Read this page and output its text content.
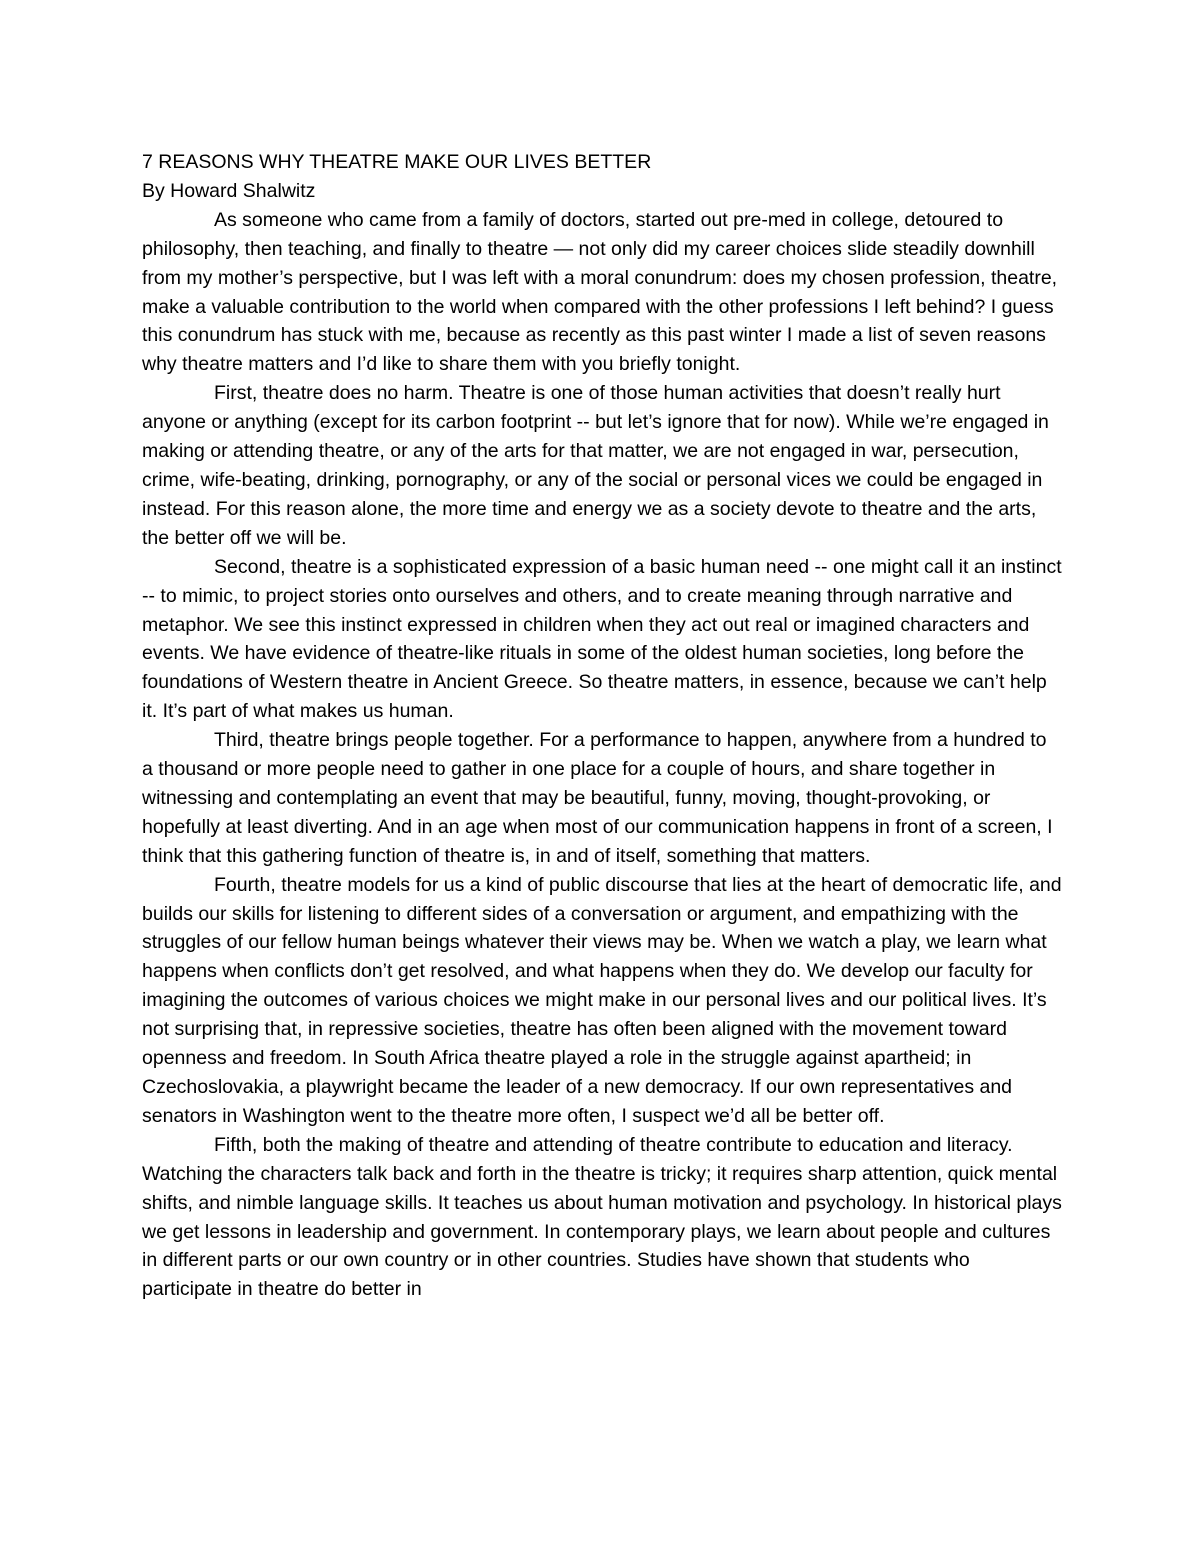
7 REASONS WHY THEATRE MAKE OUR LIVES BETTER

By Howard Shalwitz

As someone who came from a family of doctors, started out pre-med in college, detoured to philosophy, then teaching, and finally to theatre — not only did my career choices slide steadily downhill from my mother’s perspective, but I was left with a moral conundrum: does my chosen profession, theatre, make a valuable contribution to the world when compared with the other professions I left behind? I guess this conundrum has stuck with me, because as recently as this past winter I made a list of seven reasons why theatre matters and I’d like to share them with you briefly tonight.

First, theatre does no harm. Theatre is one of those human activities that doesn’t really hurt anyone or anything (except for its carbon footprint -- but let’s ignore that for now). While we’re engaged in making or attending theatre, or any of the arts for that matter, we are not engaged in war, persecution, crime, wife-beating, drinking, pornography, or any of the social or personal vices we could be engaged in instead. For this reason alone, the more time and energy we as a society devote to theatre and the arts, the better off we will be.

Second, theatre is a sophisticated expression of a basic human need -- one might call it an instinct -- to mimic, to project stories onto ourselves and others, and to create meaning through narrative and metaphor. We see this instinct expressed in children when they act out real or imagined characters and events. We have evidence of theatre-like rituals in some of the oldest human societies, long before the foundations of Western theatre in Ancient Greece. So theatre matters, in essence, because we can’t help it. It’s part of what makes us human.

Third, theatre brings people together. For a performance to happen, anywhere from a hundred to a thousand or more people need to gather in one place for a couple of hours, and share together in witnessing and contemplating an event that may be beautiful, funny, moving, thought-provoking, or hopefully at least diverting. And in an age when most of our communication happens in front of a screen, I think that this gathering function of theatre is, in and of itself, something that matters.

Fourth, theatre models for us a kind of public discourse that lies at the heart of democratic life, and builds our skills for listening to different sides of a conversation or argument, and empathizing with the struggles of our fellow human beings whatever their views may be. When we watch a play, we learn what happens when conflicts don’t get resolved, and what happens when they do. We develop our faculty for imagining the outcomes of various choices we might make in our personal lives and our political lives. It’s not surprising that, in repressive societies, theatre has often been aligned with the movement toward openness and freedom. In South Africa theatre played a role in the struggle against apartheid; in Czechoslovakia, a playwright became the leader of a new democracy. If our own representatives and senators in Washington went to the theatre more often, I suspect we’d all be better off.

Fifth, both the making of theatre and attending of theatre contribute to education and literacy. Watching the characters talk back and forth in the theatre is tricky; it requires sharp attention, quick mental shifts, and nimble language skills. It teaches us about human motivation and psychology. In historical plays we get lessons in leadership and government. In contemporary plays, we learn about people and cultures in different parts or our own country or in other countries. Studies have shown that students who participate in theatre do better in
